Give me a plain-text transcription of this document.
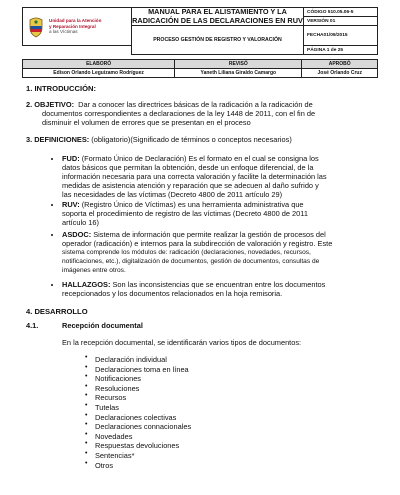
Unidad para la Atención
y Reparación Integral
a las Víctimas	MANUAL PARA EL ALISTAMIENTO Y LA RADICACIÓN DE LAS DECLARACIONES EN RUV	CÓDIGO 510.05.06-5
		VERSIÓN 01
	PROCESO GESTIÓN DE REGISTRO Y VALORACIÓN	FECHA01/09/2015
		PÁGINA 1 de 25
ELABORÓ	REVISÓ	APROBÓ
Edison Orlando Leguizamo Rodríguez	Yaneth Liliana Giraldo Camargo	José Orlando Cruz
1. INTRODUCCIÓN:
2. OBJETIVO: Dar a conocer las directrices básicas de la radicación a la radicación de
documentos correspondientes a declaraciones de la ley 1448 de 2011, con el fin de
disminuir el volumen de errores que se presentan en el proceso
3. DEFINICIONES: (obligatorio)(Significado de términos o conceptos necesarios)
FUD: (Formato Único de Declaración) Es el formato en el cual se consigna los
datos básicos que permitan la obtención, desde un enfoque diferencial, de la
información necesaria para una correcta valoración y facilite la determinación las
medidas de asistencia atención y reparación que se adecuen al daño sufrido y
las necesidades de las víctimas (Decreto 4800 de 2011 artículo 29)
RUV: (Registro Único de Víctimas) es una herramienta administrativa que
soporta el procedimiento de registro de las víctimas (Decreto 4800 de 2011
artículo 16)
ASDOC: Sistema de información que permite realizar la gestión de procesos del
operador (radicación) e internos para la subdirección de valoración y registro. Este
sistema comprende los módulos de: radicación (declaraciones, novedades, recursos,
notificaciones, etc.), digitalización de documentos, gestión de documentos, consultas de
imágenes entre otros.
HALLAZGOS: Son las inconsistencias que se encuentran entre los documentos
recepcionados y los documentos relacionados en la hoja remisoria.
4. DESARROLLO
4.1.	Recepción documental
En la recepción documental, se identificarán varios tipos de documentos:
• Declaración individual
• Declaraciones toma en línea
• Notificaciones
• Resoluciones
• Recursos
• Tutelas
• Declaraciones colectivas
• Declaraciones connacionales
• Novedades
• Respuestas devoluciones
• Sentencias*
• Otros
